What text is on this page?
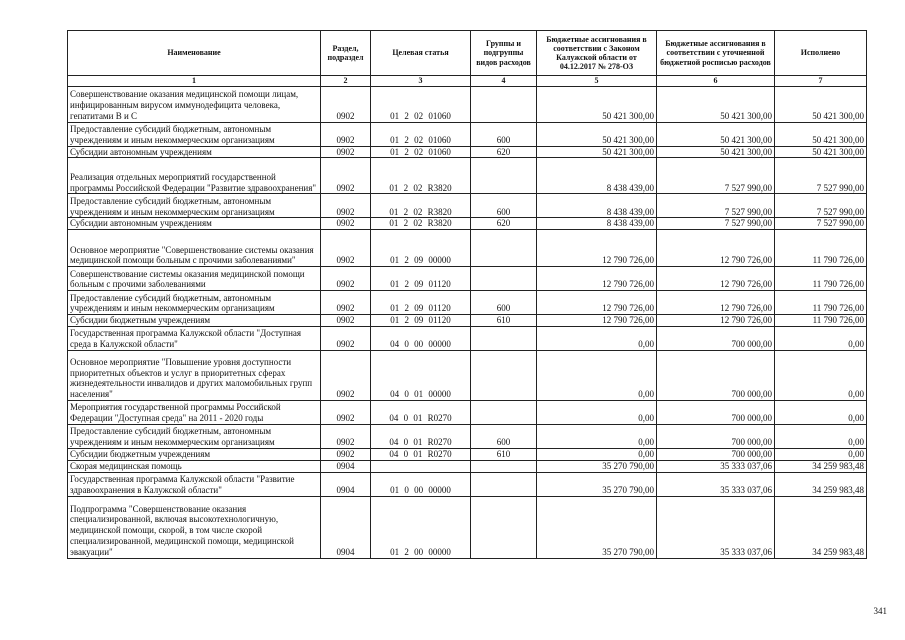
Наименование	Раздел, подраздел	Целевая статья	Группы и подгруппы видов расходов	Бюджетные ассигнования в соответствии с Законом Калужской области от 04.12.2017 № 278-ОЗ	Бюджетные ассигнования в соответствии с уточненной бюджетной росписью расходов	Исполнено
1	2	3	4	5	6	7
Совершенствование оказания медицинской помощи лицам, инфицированным вирусом иммунодефицита человека, гепатитами В и С	0902	01 2 02 01060		50 421 300,00	50 421 300,00	50 421 300,00
Предоставление субсидий бюджетным, автономным учреждениям и иным некоммерческим организациям	0902	01 2 02 01060	600	50 421 300,00	50 421 300,00	50 421 300,00
Субсидии автономным учреждениям	0902	01 2 02 01060	620	50 421 300,00	50 421 300,00	50 421 300,00
Реализация отдельных мероприятий государственной программы Российской Федерации "Развитие здравоохранения"	0902	01 2 02 R3820		8 438 439,00	7 527 990,00	7 527 990,00
Предоставление субсидий бюджетным, автономным учреждениям и иным некоммерческим организациям	0902	01 2 02 R3820	600	8 438 439,00	7 527 990,00	7 527 990,00
Субсидии автономным учреждениям	0902	01 2 02 R3820	620	8 438 439,00	7 527 990,00	7 527 990,00
Основное мероприятие "Совершенствование системы оказания медицинской помощи больным с прочими заболеваниями"	0902	01 2 09 00000		12 790 726,00	12 790 726,00	11 790 726,00
Совершенствование системы оказания медицинской помощи больным с прочими заболеваниями	0902	01 2 09 01120		12 790 726,00	12 790 726,00	11 790 726,00
Предоставление субсидий бюджетным, автономным учреждениям и иным некоммерческим организациям	0902	01 2 09 01120	600	12 790 726,00	12 790 726,00	11 790 726,00
Субсидии бюджетным учреждениям	0902	01 2 09 01120	610	12 790 726,00	12 790 726,00	11 790 726,00
Государственная программа Калужской области "Доступная среда в Калужской области"	0902	04 0 00 00000		0,00	700 000,00	0,00
Основное мероприятие "Повышение уровня доступности приоритетных объектов и услуг в приоритетных сферах жизнедеятельности инвалидов и других маломобильных групп населения"	0902	04 0 01 00000		0,00	700 000,00	0,00
Мероприятия государственной программы Российской Федерации "Доступная среда" на 2011 - 2020 годы	0902	04 0 01 R0270		0,00	700 000,00	0,00
Предоставление субсидий бюджетным, автономным учреждениям и иным некоммерческим организациям	0902	04 0 01 R0270	600	0,00	700 000,00	0,00
Субсидии бюджетным учреждениям	0902	04 0 01 R0270	610	0,00	700 000,00	0,00
Скорая медицинская помощь	0904			35 270 790,00	35 333 037,06	34 259 983,48
Государственная программа Калужской области "Развитие здравоохранения в Калужской области"	0904	01 0 00 00000		35 270 790,00	35 333 037,06	34 259 983,48
Подпрограмма "Совершенствование оказания специализированной, включая высокотехнологичную, медицинской помощи, скорой, в том числе скорой специализированной, медицинской помощи, медицинской эвакуации"	0904	01 2 00 00000		35 270 790,00	35 333 037,06	34 259 983,48
341
